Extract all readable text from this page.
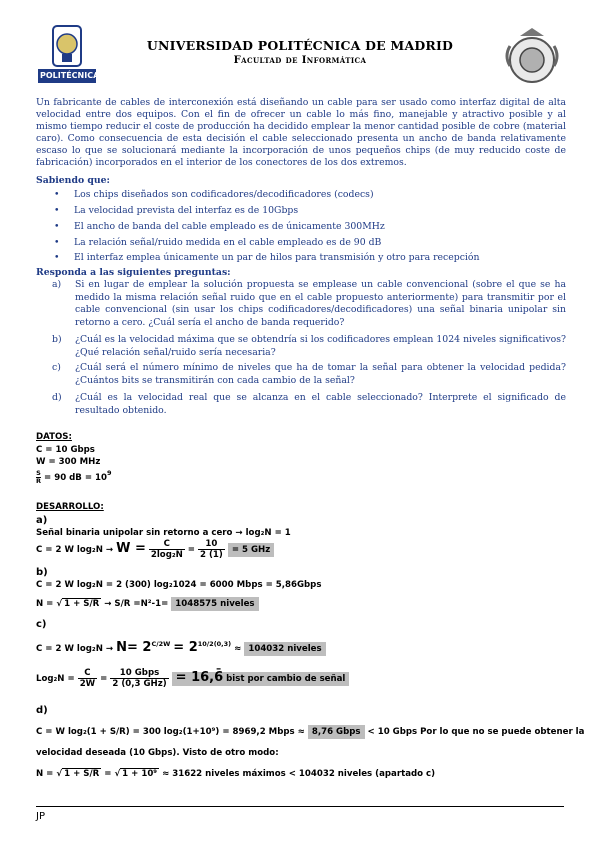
POLITÉCNICA
UNIVERSIDAD POLITÉCNICA DE MADRID
Facultad de Informática
Un fabricante de cables de interconexión está diseñando un cable para ser usado como interfaz digital de alta velocidad entre dos equipos. Con el fin de ofrecer un cable lo más fino, manejable y atractivo posible y al mismo tiempo reducir el coste de producción ha decidido emplear la menor cantidad posible de cobre (material caro). Como consecuencia de esta decisión el cable seleccionado presenta un ancho de banda relativamente escaso lo que se solucionará mediante la incorporación de unos pequeños chips (de muy reducido coste de fabricación) incorporados en el interior de los conectores de los dos extremos.
Sabiendo que:
• Los chips diseñados son codificadores/decodificadores (codecs)
• La velocidad prevista del interfaz es de 10Gbps
• El ancho de banda del cable empleado es de únicamente 300MHz
• La relación señal/ruido medida en el cable empleado es de 90 dB
• El interfaz emplea únicamente un par de hilos para transmisión y otro para recepción
Responda a las siguientes preguntas:
a) Si en lugar de emplear la solución propuesta se emplease un cable convencional (sobre el que se ha medido la misma relación señal ruido que en el cable propuesto anteriormente) para transmitir por el cable convencional (sin usar los chips codificadores/decodificadores) una señal binaria unipolar sin retorno a cero. ¿Cuál sería el ancho de banda requerido?
b) ¿Cuál es la velocidad máxima que se obtendría si los codificadores emplean 1024 niveles significativos? ¿Qué relación señal/ruido sería necesaria?
c) ¿Cuál será el número mínimo de niveles que ha de tomar la señal para obtener la velocidad pedida? ¿Cuántos bits se transmitirán con cada cambio de la señal?
d) ¿Cuál es la velocidad real que se alcanza en el cable seleccionado? Interprete el significado de resultado obtenido.
DATOS:
C = 10 Gbps
W = 300 MHz
$\frac{S}{R} = 90$ dB = $10^9$
DESARROLLO:
a)
Señal binaria unipolar sin retorno a cero → log₂N = 1
C = 2 W $\log_2N \to W = \frac{C}{\text{2log₂N}} = \frac{10}{2 (1)} = 5$ GHz
b)
C = 2 W log₂N = 2 (300) log₂1024 = 6000 Mbps = 5,86Gbps
N = √ 1 + S/R → S/R =N²-1= 1048575 niveles
c)
C = 2 W $\log_2N \to N= 2^{C/2W} = 2^{10/2(0,3)} \approx 104032$ niveles
$Log_2N = \frac{C}{2W} = \frac{\text{10 Gbps}}{\text{2 (0,3 GHz)}}$ = 16,6̄ bist por cambio de señal
d)
C = W log₂(1 + S/R) = 300 log₂(1+10⁹) = 8969,2 Mbps ≈ 8,76 Gbps < 10 Gbps Por lo que no se puede obtener la
velocidad deseada (10 Gbps). Visto de otro modo:
N = √ 1 + S/R = √ 1 + 10⁹ ≈ 31622 niveles máximos < 104032 niveles (apartado c)
JP
